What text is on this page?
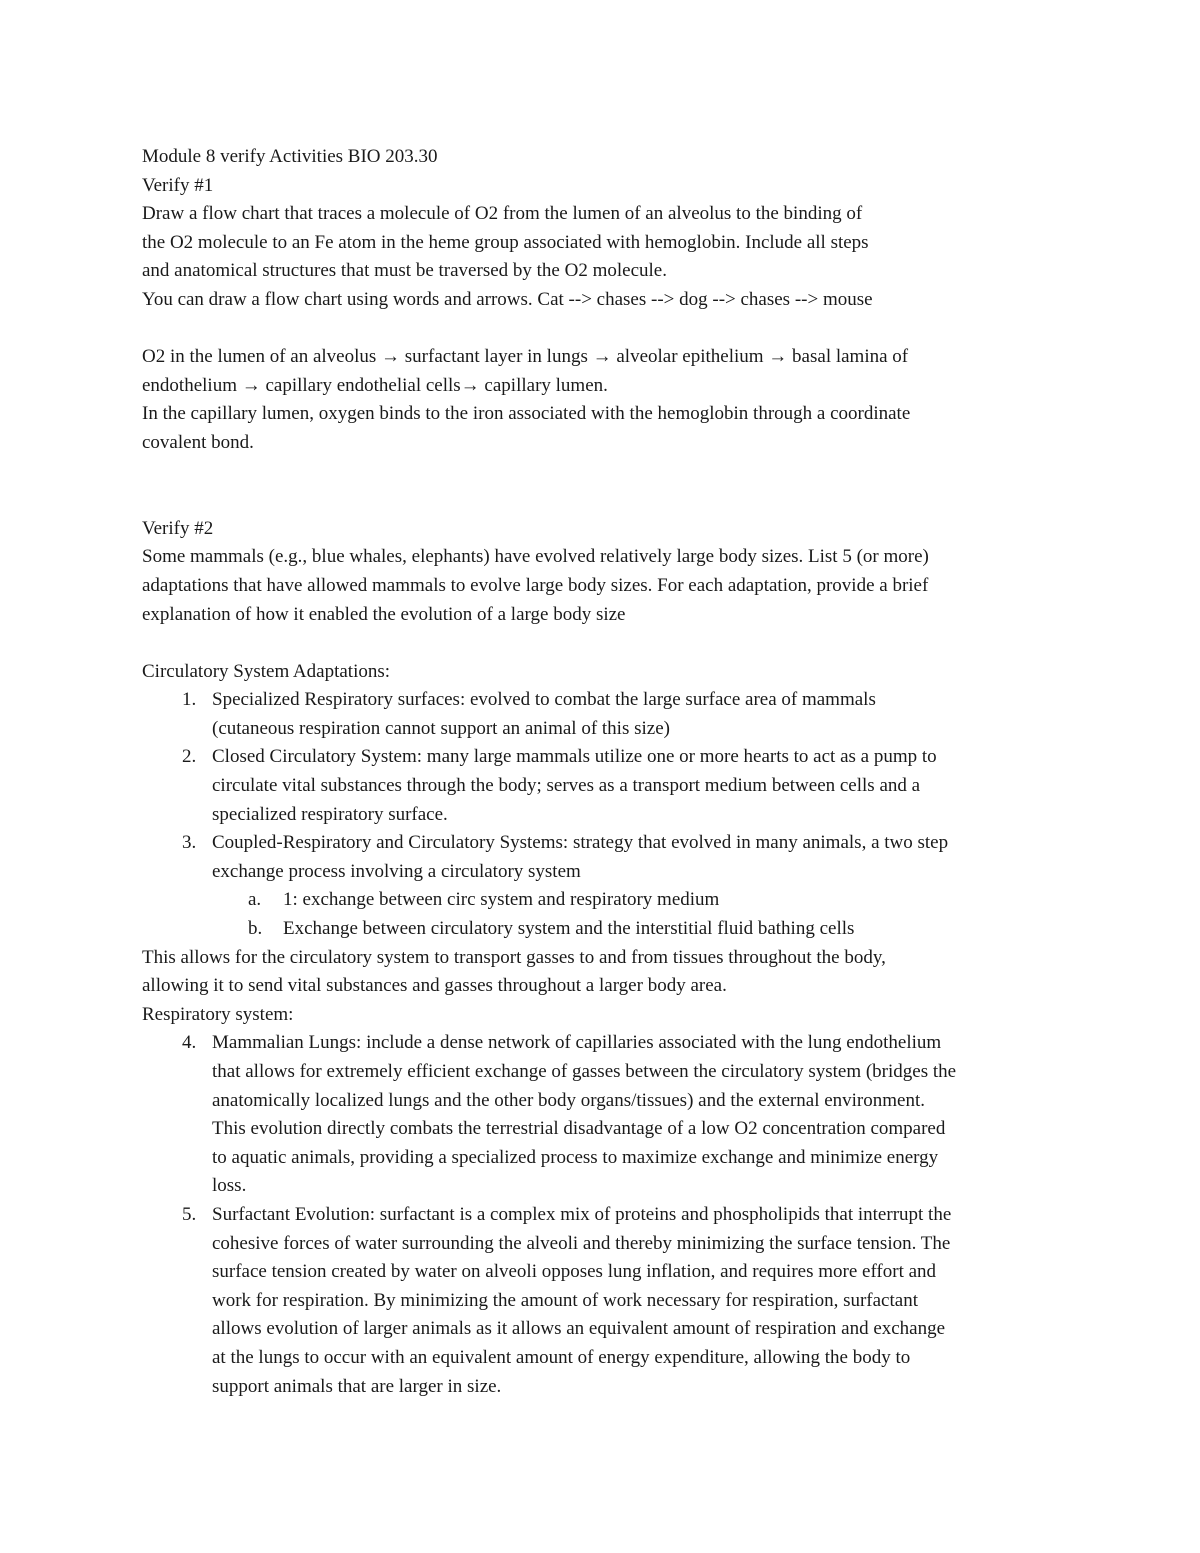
Module 8 verify Activities BIO 203.30
Verify #1
Draw a flow chart that traces a molecule of O2 from the lumen of an alveolus to the binding of
the O2 molecule to an Fe atom in the heme group associated with hemoglobin. Include all steps
and anatomical structures that must be traversed by the O2 molecule.
You can draw a flow chart using words and arrows. Cat --> chases --> dog --> chases --> mouse
O2 in the lumen of an alveolus → surfactant layer in lungs → alveolar epithelium → basal lamina of
endothelium → capillary endothelial cells→ capillary lumen.
In the capillary lumen, oxygen binds to the iron associated with the hemoglobin through a coordinate
covalent bond.
Verify #2
Some mammals (e.g., blue whales, elephants) have evolved relatively large body sizes. List 5 (or more)
adaptations that have allowed mammals to evolve large body sizes. For each adaptation, provide a brief
explanation of how it enabled the evolution of a large body size
Circulatory System Adaptations:
1. Specialized Respiratory surfaces: evolved to combat the large surface area of mammals
(cutaneous respiration cannot support an animal of this size)
2. Closed Circulatory System: many large mammals utilize one or more hearts to act as a pump to
circulate vital substances through the body; serves as a transport medium between cells and a
specialized respiratory surface.
3. Coupled-Respiratory and Circulatory Systems: strategy that evolved in many animals, a two step
exchange process involving a circulatory system
a.	1: exchange between circ system and respiratory medium
b.	Exchange between circulatory system and the interstitial fluid bathing cells
This allows for the circulatory system to transport gasses to and from tissues throughout the body,
allowing it to send vital substances and gasses throughout a larger body area.
Respiratory system:
4. Mammalian Lungs: include a dense network of capillaries associated with the lung endothelium
that allows for extremely efficient exchange of gasses between the circulatory system (bridges the
anatomically localized lungs and the other body organs/tissues) and the external environment.
This evolution directly combats the terrestrial disadvantage of a low O2 concentration compared
to aquatic animals, providing a specialized process to maximize exchange and minimize energy
loss.
5. Surfactant Evolution: surfactant is a complex mix of proteins and phospholipids that interrupt the
cohesive forces of water surrounding the alveoli and thereby minimizing the surface tension. The
surface tension created by water on alveoli opposes lung inflation, and requires more effort and
work for respiration. By minimizing the amount of work necessary for respiration, surfactant
allows evolution of larger animals as it allows an equivalent amount of respiration and exchange
at the lungs to occur with an equivalent amount of energy expenditure, allowing the body to
support animals that are larger in size.
